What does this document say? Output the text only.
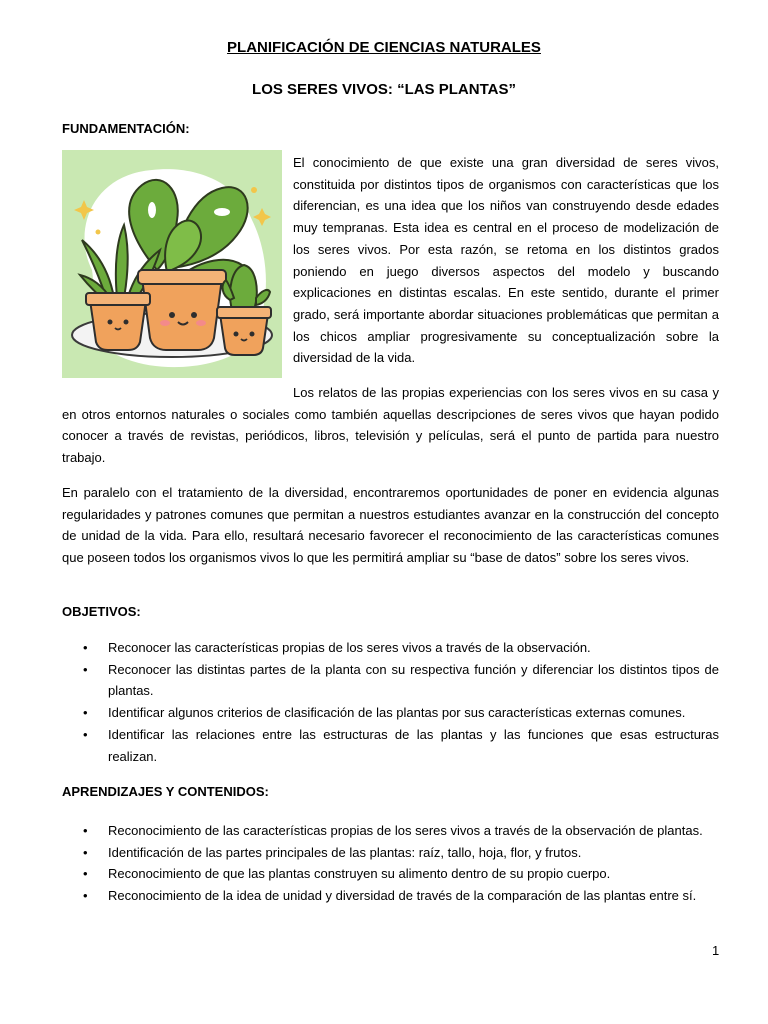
PLANIFICACIÓN DE CIENCIAS NATURALES
LOS SERES VIVOS: “LAS PLANTAS”
FUNDAMENTACIÓN:
El conocimiento de que existe una gran diversidad de seres vivos, constituida por distintos tipos de organismos con características que los diferencian, es una idea que los niños van construyendo desde edades muy tempranas. Esta idea es central en el proceso de modelización de los seres vivos. Por esta razón, se retoma en los distintos grados poniendo en juego diversos aspectos del modelo y buscando explicaciones en distintas escalas. En este sentido, durante el primer grado, será importante abordar situaciones problemáticas que permitan a los chicos ampliar progresivamente su conceptualización sobre la diversidad de la vida.
Los relatos de las propias experiencias con los seres vivos en su casa y en otros entornos naturales o sociales como también aquellas descripciones de seres vivos que hayan podido conocer a través de revistas, periódicos, libros, televisión y películas, será el punto de partida para nuestro trabajo.
En paralelo con el tratamiento de la diversidad, encontraremos oportunidades de poner en evidencia algunas regularidades y patrones comunes que permitan a nuestros estudiantes avanzar en la construcción del concepto de unidad de la vida. Para ello, resultará necesario favorecer el reconocimiento de las características comunes que poseen todos los organismos vivos lo que les permitirá ampliar su “base de datos” sobre los seres vivos.
OBJETIVOS:
• Reconocer las características propias de los seres vivos a través de la observación.
• Reconocer las distintas partes de la planta con su respectiva función y diferenciar los distintos tipos de plantas.
• Identificar algunos criterios de clasificación de las plantas por sus características externas comunes.
• Identificar las relaciones entre las estructuras de las plantas y las funciones que esas estructuras realizan.
APRENDIZAJES Y CONTENIDOS:
• Reconocimiento de las características propias de los seres vivos a través de la observación de plantas.
• Identificación de las partes principales de las plantas: raíz, tallo, hoja, flor, y frutos.
• Reconocimiento de que las plantas construyen su alimento dentro de su propio cuerpo.
• Reconocimiento de la idea de unidad y diversidad de través de la comparación de las plantas entre sí.
1
